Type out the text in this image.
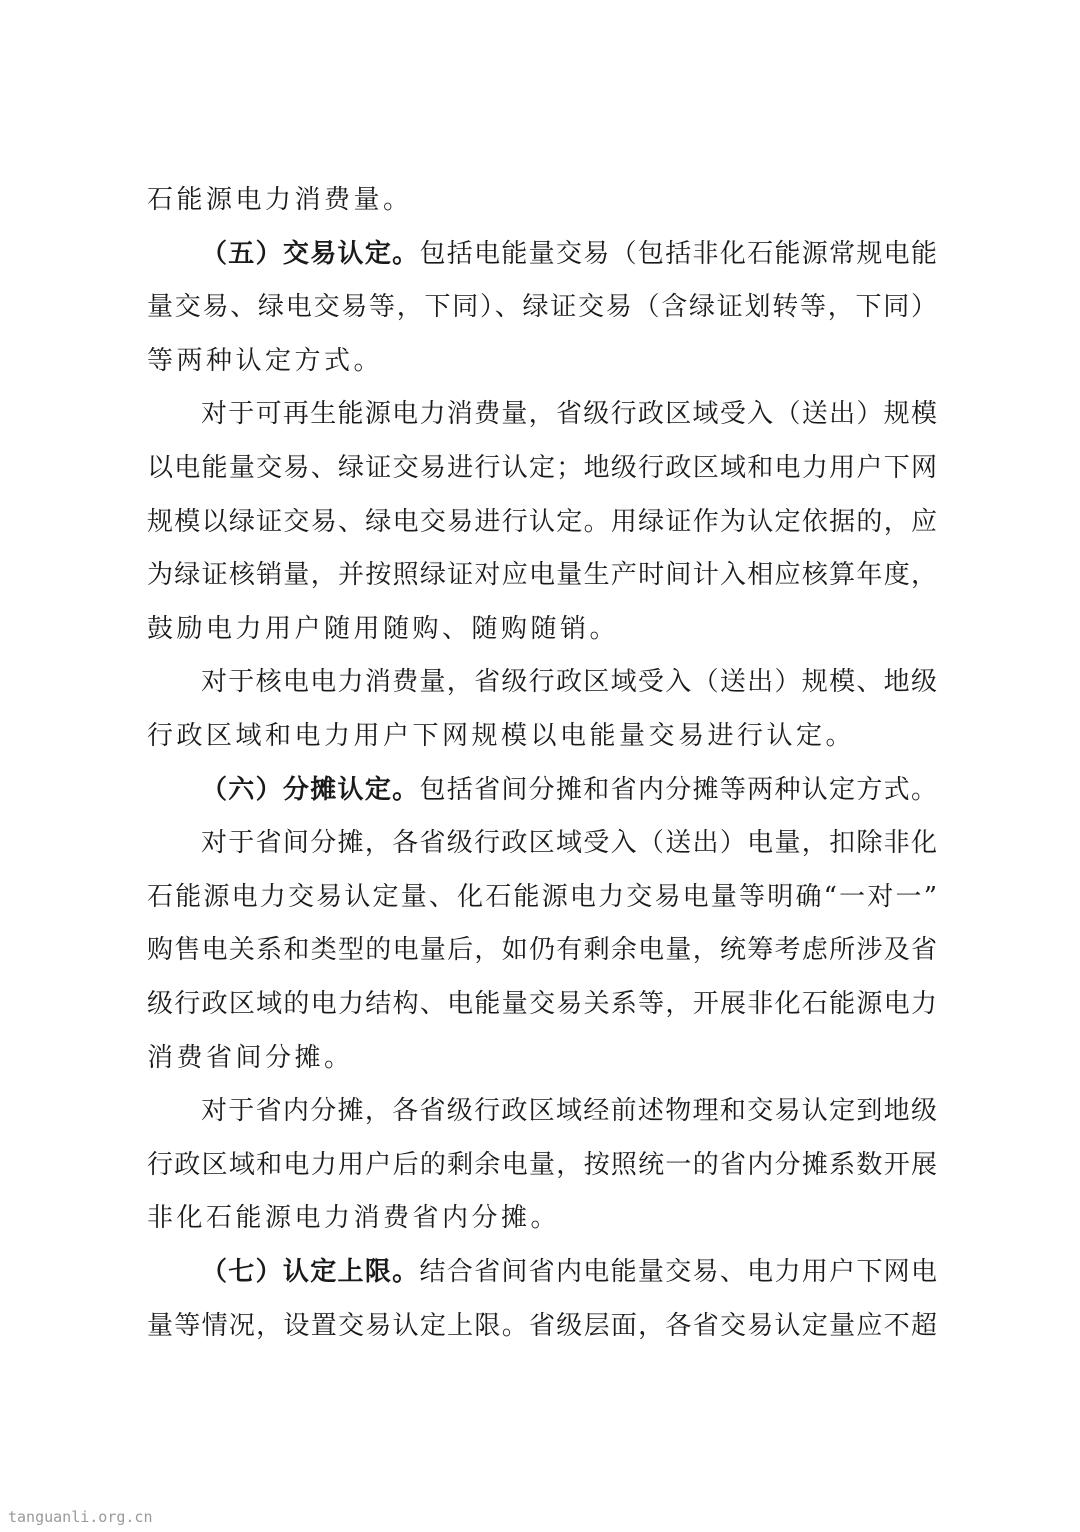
石能源电力消费量。
（五）交易认定。包括电能量交易（包括非化石能源常规电能
量交易、绿电交易等，下同）、绿证交易（含绿证划转等，下同）
等两种认定方式。
对于可再生能源电力消费量，省级行政区域受入（送出）规模
以电能量交易、绿证交易进行认定；地级行政区域和电力用户下网
规模以绿证交易、绿电交易进行认定。用绿证作为认定依据的，应
为绿证核销量，并按照绿证对应电量生产时间计入相应核算年度，
鼓励电力用户随用随购、随购随销。
对于核电电力消费量，省级行政区域受入（送出）规模、地级
行政区域和电力用户下网规模以电能量交易进行认定。
（六）分摊认定。包括省间分摊和省内分摊等两种认定方式。
对于省间分摊，各省级行政区域受入（送出）电量，扣除非化
石能源电力交易认定量、化石能源电力交易电量等明确“一对一”
购售电关系和类型的电量后，如仍有剩余电量，统筹考虑所涉及省
级行政区域的电力结构、电能量交易关系等，开展非化石能源电力
消费省间分摊。
对于省内分摊，各省级行政区域经前述物理和交易认定到地级
行政区域和电力用户后的剩余电量，按照统一的省内分摊系数开展
非化石能源电力消费省内分摊。
（七）认定上限。结合省间省内电能量交易、电力用户下网电
量等情况，设置交易认定上限。省级层面，各省交易认定量应不超
tanguanli.org.cn
